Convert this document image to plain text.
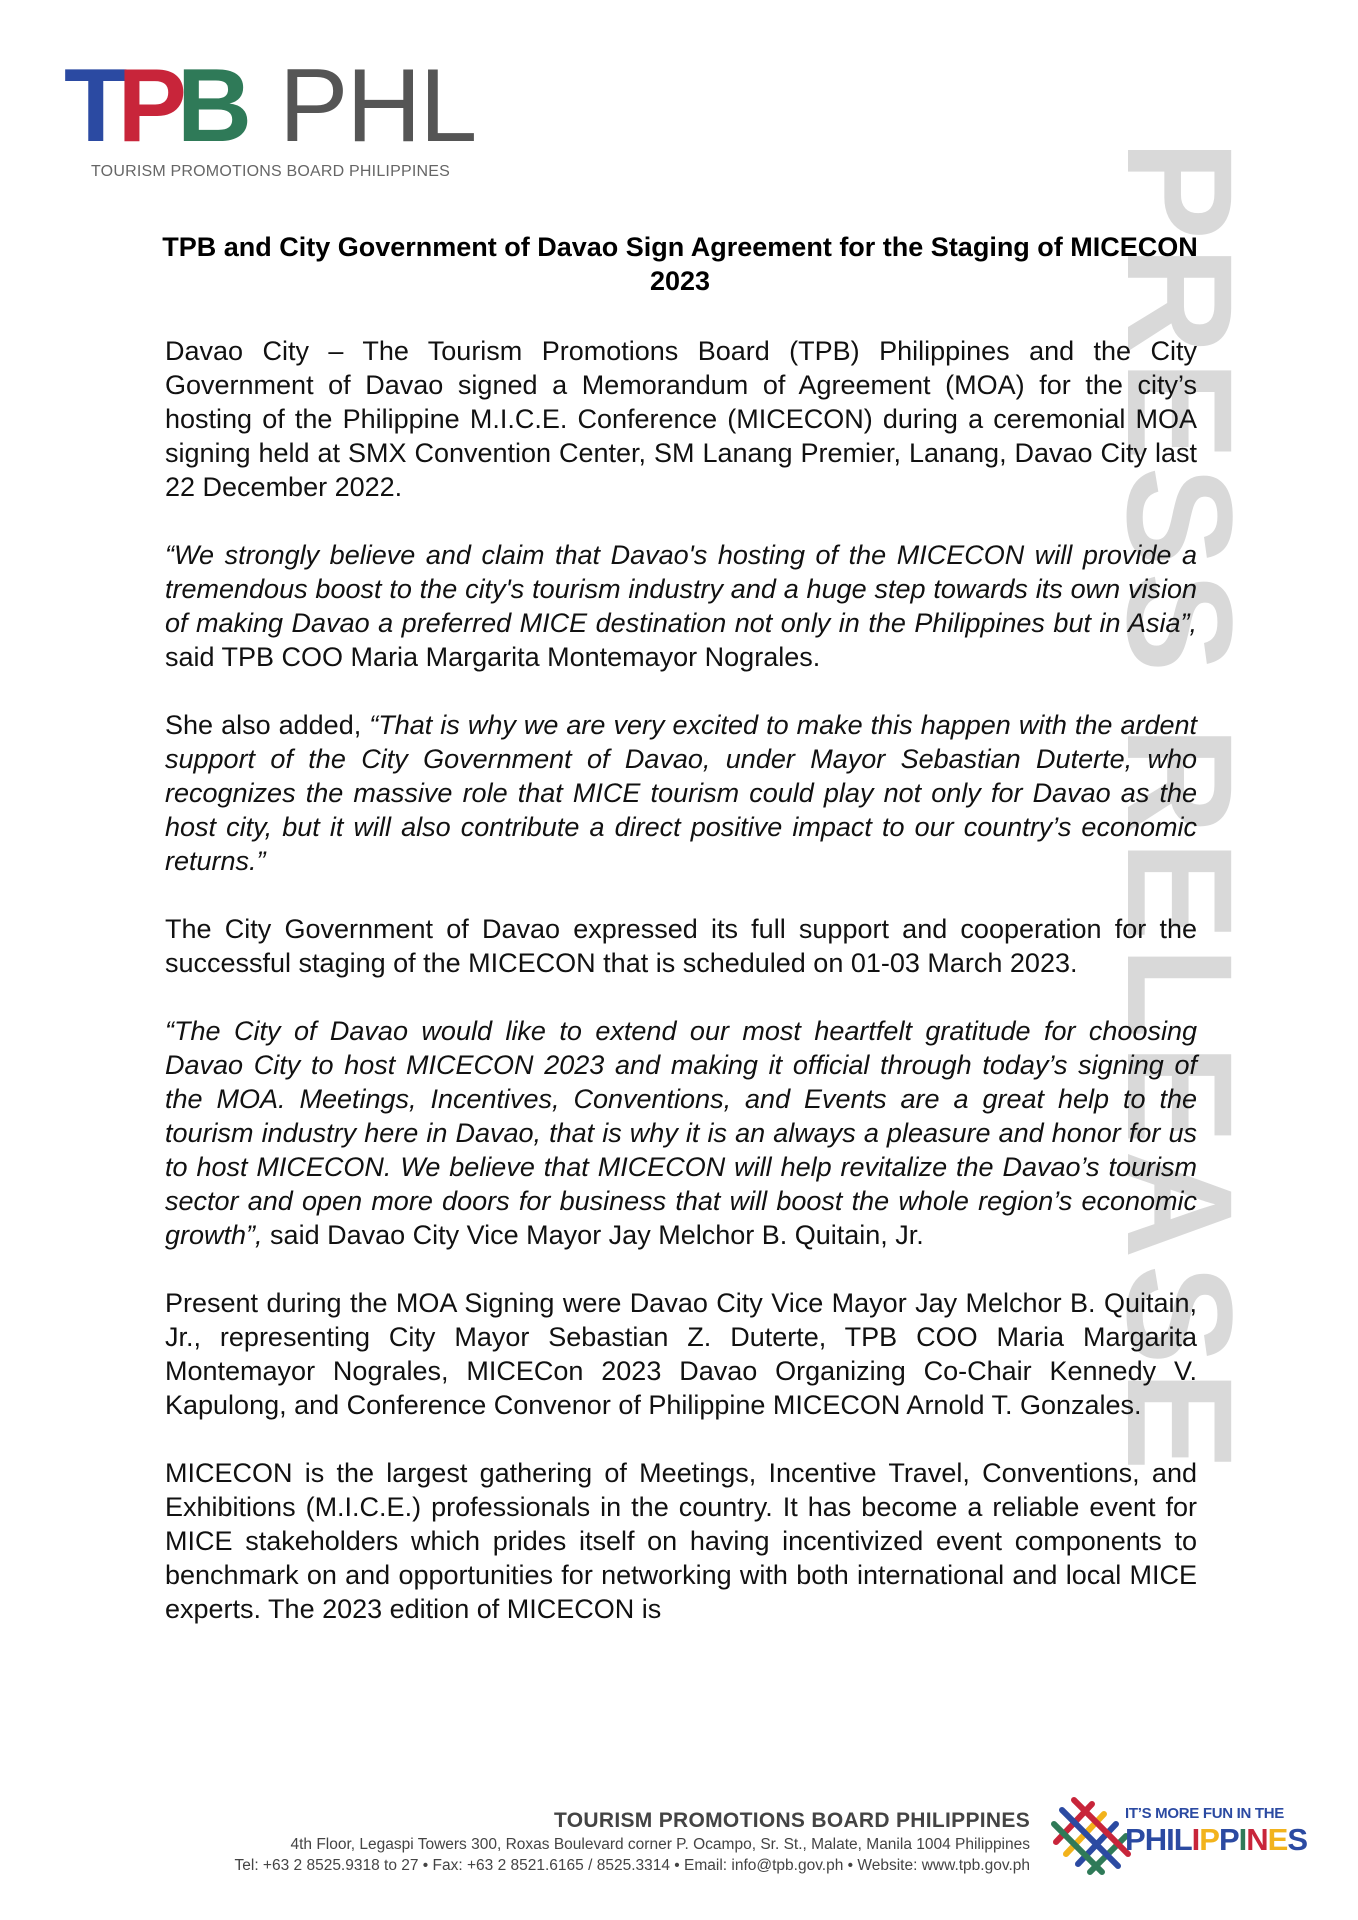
T P B PHL
TOURISM PROMOTIONS BOARD PHILIPPINES	PRESS RELEASE
TPB and City Government of Davao Sign Agreement for the Staging of MICECON 2023

Davao City – The Tourism Promotions Board (TPB) Philippines and the City Government of Davao signed a Memorandum of Agreement (MOA) for the city’s hosting of the Philippine M.I.C.E. Conference (MICECON) during a ceremonial MOA signing held at SMX Convention Center, SM Lanang Premier, Lanang, Davao City last 22 December 2022.

“We strongly believe and claim that Davao's hosting of the MICECON will provide a tremendous boost to the city's tourism industry and a huge step towards its own vision of making Davao a preferred MICE destination not only in the Philippines but in Asia”, said TPB COO Maria Margarita Montemayor Nograles.

She also added, “That is why we are very excited to make this happen with the ardent support of the City Government of Davao, under Mayor Sebastian Duterte, who recognizes the massive role that MICE tourism could play not only for Davao as the host city, but it will also contribute a direct positive impact to our country’s economic returns.”

The City Government of Davao expressed its full support and cooperation for the successful staging of the MICECON that is scheduled on 01-03 March 2023.

“The City of Davao would like to extend our most heartfelt gratitude for choosing Davao City to host MICECON 2023 and making it official through today’s signing of the MOA. Meetings, Incentives, Conventions, and Events are a great help to the tourism industry here in Davao, that is why it is an always a pleasure and honor for us to host MICECON. We believe that MICECON will help revitalize the Davao’s tourism sector and open more doors for business that will boost the whole region’s economic growth”, said Davao City Vice Mayor Jay Melchor B. Quitain, Jr.

Present during the MOA Signing were Davao City Vice Mayor Jay Melchor B. Quitain, Jr., representing City Mayor Sebastian Z. Duterte, TPB COO Maria Margarita Montemayor Nograles, MICECon 2023 Davao Organizing Co-Chair Kennedy V. Kapulong, and Conference Convenor of Philippine MICECON Arnold T. Gonzales.

MICECON is the largest gathering of Meetings, Incentive Travel, Conventions, and Exhibitions (M.I.C.E.) professionals in the country. It has become a reliable event for MICE stakeholders which prides itself on having incentivized event components to benchmark on and opportunities for networking with both international and local MICE experts. The 2023 edition of MICECON is

TOURISM PROMOTIONS BOARD PHILIPPINES
4th Floor, Legaspi Towers 300, Roxas Boulevard corner P. Ocampo, Sr. St., Malate, Manila 1004 Philippines
Tel: +63 2 8525.9318 to 27 • Fax: +63 2 8521.6165 / 8525.3314 • Email: info@tpb.gov.ph • Website: www.tpb.gov.ph
IT’S MORE FUN IN THE
PHILIPPINES
